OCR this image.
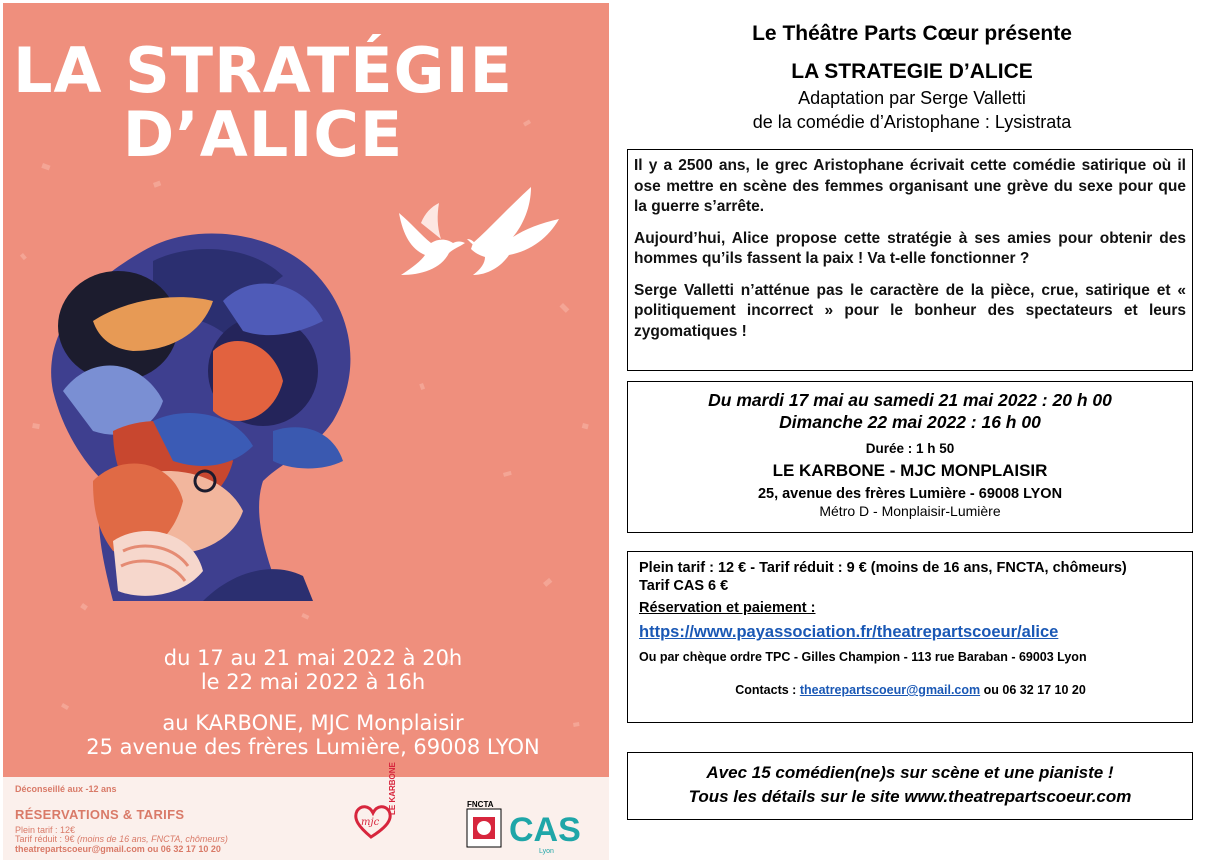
LA STRATÉGIE
D’ALICE
du 17 au 21 mai 2022 à 20h
le 22 mai 2022 à 16h
au KARBONE, MJC Monplaisir
25 avenue des frères Lumière, 69008 LYON
Déconseillé aux -12 ans
RÉSERVATIONS & TARIFS
Plein tarif : 12€
Tarif réduit : 9€ (moins de 16 ans, FNCTA, chômeurs)
theatrepartscoeur@gmail.com ou 06 32 17 10 20
mjc
LE KARBONE	FNCTA
CAS
Lyon
Le Théâtre Parts Cœur présente
LA STRATEGIE D’ALICE
Adaptation par Serge Valletti
de la comédie d’Aristophane : Lysistrata

Il y a 2500 ans, le grec Aristophane écrivait cette comédie satirique où il ose mettre en scène des femmes organisant une grève du sexe pour que la guerre s’arrête.

Aujourd’hui, Alice propose cette stratégie à ses amies pour obtenir des hommes qu’ils fassent la paix ! Va t-elle fonctionner ?

Serge Valletti n’atténue pas le caractère de la pièce, crue, satirique et « politiquement incorrect » pour le bonheur des spectateurs et leurs zygomatiques !

Du mardi 17 mai au samedi 21 mai 2022 : 20 h 00
Dimanche 22 mai 2022 : 16 h 00
Durée : 1 h 50
LE KARBONE - MJC MONPLAISIR
25, avenue des frères Lumière - 69008 LYON
Métro D - Monplaisir-Lumière
Plein tarif : 12 € - Tarif réduit : 9 € (moins de 16 ans, FNCTA, chômeurs)
Tarif CAS 6 €
Réservation et paiement :
https://www.payassociation.fr/theatrepartscoeur/alice
Ou par chèque ordre TPC - Gilles Champion - 113 rue Baraban - 69003 Lyon
Contacts : theatrepartscoeur@gmail.com ou 06 32 17 10 20
Avec 15 comédien(ne)s sur scène et une pianiste !
Tous les détails sur le site www.theatrepartscoeur.com
